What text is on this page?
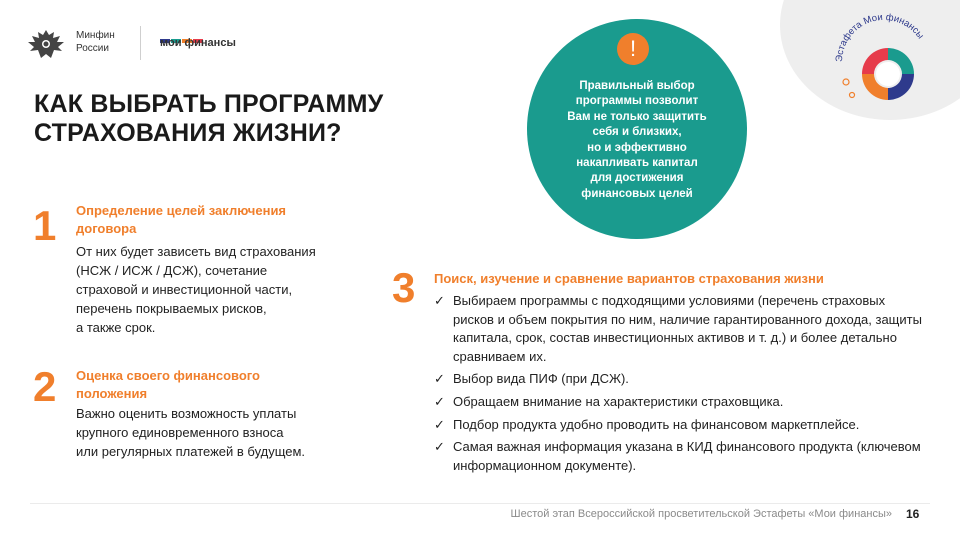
Эстафета Мои финансы
Минфин
России	мои финансы
КАК ВЫБРАТЬ ПРОГРАММУ
СТРАХОВАНИЯ ЖИЗНИ?
!
Правильный выбор
программы позволит
Вам не только защитить
себя и близких,
но и эффективно
накапливать капитал
для достижения
финансовых целей
1 Определение целей заключения
договора
От них будет зависеть вид страхования
(НСЖ / ИСЖ / ДСЖ), сочетание
страховой и инвестиционной части,
перечень покрываемых рисков,
а также срок.
2 Оценка своего финансового
положения
Важно оценить возможность уплаты
крупного единовременного взноса
или регулярных платежей в будущем.
3 Поиск, изучение и сравнение вариантов страхования жизни
✓ Выбираем программы с подходящими условиями (перечень страховых рисков и объем покрытия по ним, наличие гарантированного дохода, защиты капитала, срок, состав инвестиционных активов и т. д.) и более детально сравниваем их.
✓ Выбор вида ПИФ (при ДСЖ).
✓ Обращаем внимание на характеристики страховщика.
✓ Подбор продукта удобно проводить на финансовом маркетплейсе.
✓ Самая важная информация указана в КИД финансового продукта (ключевом информационном документе).
Шестой этап Всероссийской просветительской Эстафеты «Мои финансы» 16
